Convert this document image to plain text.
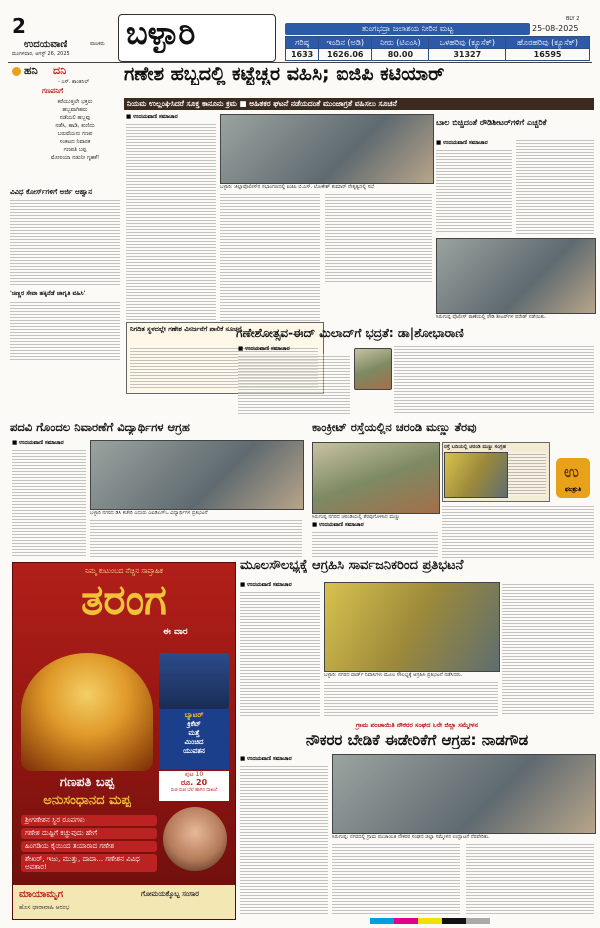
2
ಉದಯವಾಣಿ	ಪಾಲಕರು
ಮಂಗಳವಾರ, ಆಗಸ್ಟ್ 26, 2025
ಬಳ್ಳಾರಿ	BLY 2
ತುಂಗಭದ್ರಾ ಜಲಾಶಯ ನೀರಿನ ಮಟ್ಟ	25-08-2025
ಗರಿಷ್ಠ	ಇಂದಿನ (ಅಡಿ)	ನೀರು (ಟಿಎಂಸಿ)	ಒಳಹರಿವು (ಕ್ಯೂಸೆಕ್)	ಹೊರಹರಿವು (ಕ್ಯೂಸೆಕ್)
1633	1626.06	80.00	31327	16595
ಹನಿ ದನಿ
- ಎಸ್. ಶಾಂತಿನಿಲ್
ಗಣಪನಿಗೆ
ಕರೆಯುತ್ತಲೇ ಭಕ್ತರು
ಹಬ್ಬವಾಗಿಹರು
ನಡೆಯಲಿ ಹಬ್ಬವು
ನಡೆಸಿ, ಹಾಡಿ, ಕುಣಿದು
ಬರುವೆಯನು ಗಣಪ
ಸಂಕಟದ ನಿವಾರಕ
ಗಣಪತಿ ಬಪ್ಪ
ಮೋರಯಾ ನಡುನೀ ಗೃಹಕೆ!
ವಿವಿಧ ಕೋರ್ಸ್‌ಗಳಿಗೆ ಅರ್ಜಿ ಆಹ್ವಾನ
'ಚಿಣ್ಣರ ಸೇವಾ ಹಕ್ಕಿನೆಡೆ ಜಾಗೃತಿ ವಹಿಸಿ'
ಗಣೇಶ ಹಬ್ಬದಲ್ಲಿ ಕಟ್ಟೆಚ್ಚರ ವಹಿಸಿ; ಐಜಿಪಿ ಕಟಿಯಾರ್
ನಿಯಮ ಉಲ್ಲಂಘಿಸಿದರೆ ಸೂಕ್ತ ಕಾನೂನು ಕ್ರಮ ■ ಅಹಿತಕರ ಘಟನೆ ನಡೆಯದಂತೆ ಮುಂಜಾಗ್ರತೆ ವಹಿಸಲು ಸೂಚನೆ
■ ಉದಯವಾಣಿ ಸಮಾಚಾರ
ಬಳ್ಳಾರಿ: ಜಿಲ್ಲಾಪೊಲೀಸ್‌ನ ಸಭಾಂಗಣದಲ್ಲಿ ಐಜಿಪಿ ಬಿ.ಎಸ್. ಲೋಕೇಶ್ ಕುಮಾರ್ ನೇತೃತ್ವದಲ್ಲಿ ಸಭೆ
ನಿಗದಿತ ಸ್ಥಳದಲ್ಲೇ ಗಣೇಶ ವಿಸರ್ಜನೆಗೆ ಪಾಲಿಕೆ ಸೂಚನೆ
ಬಾಲ ಬಿಚ್ಚಿದಂತೆ ರೌಡಿಶೀಟರ್‌ಗಳಿಗೆ ಎಚ್ಚರಿಕೆ
■ ಉದಯವಾಣಿ ಸಮಾಚಾರ
ಸಿರುಗುಪ್ಪ ಪೊಲೀಸ್ ಠಾಣೆಯಲ್ಲಿ ರೌಡಿ ಶೀಟರ್‌ಗಳ ಪರೇಡ್ ನಡೆಯಿತು.
ಗಣೇಶೋತ್ಸವ-ಈದ್ ಮಿಲಾದ್‌ಗೆ ಭದ್ರತೆ: ಡಾ|ಶೋಭಾರಾಣಿ
■ ಉದಯವಾಣಿ ಸಮಾಚಾರ
ಪದವಿ ಗೊಂದಲ ನಿವಾರಣೆಗೆ ವಿದ್ಯಾರ್ಥಿಗಳ ಆಗ್ರಹ
■ ಉದಯವಾಣಿ ಸಮಾಚಾರ
ಬಳ್ಳಾರಿ ನಗರದ ಡಿಸಿ ಕಚೇರಿ ಎದುರು ಎಐಡಿಎಸ್‌ಒ ವಿದ್ಯಾರ್ಥಿಗಳ ಪ್ರತಿಭಟನೆ
ಕಾಂಕ್ರೀಟ್ ರಸ್ತೆಯಲ್ಲಿನ ಚರಂಡಿ ಮಣ್ಣು ತೆರವು
ಸಿರುಗುಪ್ಪ ನಗರದ ಚರಂಡಿಯಲ್ಲಿ ತೆರವುಗೊಳಿಸಿದ ಮಣ್ಣು
■ ಉದಯವಾಣಿ ಸಮಾಚಾರ
ರಸ್ತೆ ಬದಿಯಲ್ಲಿ ಚರಂಡಿ ಮಣ್ಣು ಸಂಗ್ರಹ
ಉ
ಫಲಶ್ರುತಿ
ನಿಮ್ಮ ಕುಟುಂಬದ ನೆಚ್ಚಿನ ಸಾಪ್ತಾಹಿಕ
ತರಂಗ
ಈ ವಾರ
ಬ್ಯಾಟರ್
ಕ್ರಿಕೆಟ್
ಮತ್ತೆ
ಮಿಂಚಿದ
ಯುವತನ
ಪುಟ 10
ರೂ. 20
ರುಚಿ ರುಚಿ ಬೆಲೆ ಹಾಗಿನ ದಾಖಲೆ
ಗಣಪತಿ ಬಪ್ಪ
ಅನುಸಂಧಾನದ ಮಪ್ಪ
ಶ್ರೀಗಣೇಶನ ಸ್ಥಿರ ರೂಪಗಳು
ಗಣೇಶ ದುಷ್ಟಿಗೆ ಕಚ್ಚುವುದು ಹೇಗೆ
ಹಿಂಗಡಿಯ ಕೈಯಿಂದ ತಯಾರಾದ ಗಣೇಶ
ಶೇಖರ್, ಇಜು, ಮುತ್ತು, ದಾದಾ... ಗಣೇಶನ ವಿವಿಧ ಅವತಾರ!
ಮಾಯಾಮೃಗ
ಹೊಸ ಧಾರಾವಾಹಿ ಆರಂಭ
ಗೋಮಯಕ್ಕೊಬ್ಬ ಸಂಸಾರ
ಮೂಲಸೌಲಭ್ಯಕ್ಕೆ ಆಗ್ರಹಿಸಿ ಸಾರ್ವಜನಿಕರಿಂದ ಪ್ರತಿಭಟನೆ
■ ಉದಯವಾಣಿ ಸಮಾಚಾರ
ಬಳ್ಳಾರಿ: ನಗರದ ವಾರ್ಡ್ ನಿವಾಸಿಗಳು ಮೂಲ ಸೌಲಭ್ಯಕ್ಕೆ ಆಗ್ರಹಿಸಿ ಪ್ರತಿಭಟನೆ ನಡೆಸಿದರು.
ಗ್ರಾಮ ಪಂಚಾಯಿತಿ ನೌಕರರ ಸಂಘದ ೬ನೇ ಜಿಲ್ಲಾ ಸಮ್ಮೇಳನ
ನೌಕರರ ಬೇಡಿಕೆ ಈಡೇರಿಕೆಗೆ ಆಗ್ರಹ: ನಾಡಗೌಡ
■ ಉದಯವಾಣಿ ಸಮಾಚಾರ
ಸಿರುಗುಪ್ಪ: ನಗರದಲ್ಲಿ ಗ್ರಾಮ ಪಂಚಾಯಿತಿ ನೌಕರರ ಸಂಘದ ಜಿಲ್ಲಾ ಸಮ್ಮೇಳನ ಉದ್ಘಾಟನೆ ನೆರವೇರಿತು.
